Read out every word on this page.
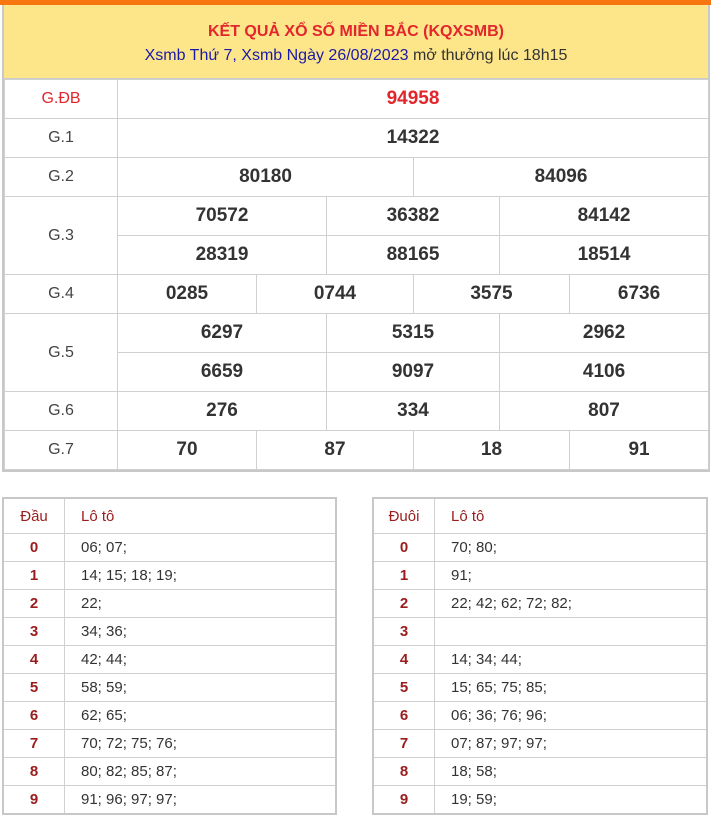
KẾT QUẢ XỔ SỐ MIỀN BẮC (KQXSMB)
Xsmb Thứ 7, Xsmb Ngày 26/08/2023 mở thưởng lúc 18h15
G.ĐB	94958					
G.1	14322					
G.2	80180			84096		
G.3	70572		36382		84142	
	28319		88165		18514	
G.4	0285	0744		3575		6736
G.5	6297		5315		2962	
	6659		9097		4106	
G.6	276		334		807	
G.7	70	87		18		91
Đầu	Lô tô
0	06; 07;
1	14; 15; 18; 19;
2	22;
3	34; 36;
4	42; 44;
5	58; 59;
6	62; 65;
7	70; 72; 75; 76;
8	80; 82; 85; 87;
9	91; 96; 97; 97;
Đuôi	Lô tô
0	70; 80;
1	91;
2	22; 42; 62; 72; 82;
3	
4	14; 34; 44;
5	15; 65; 75; 85;
6	06; 36; 76; 96;
7	07; 87; 97; 97;
8	18; 58;
9	19; 59;
